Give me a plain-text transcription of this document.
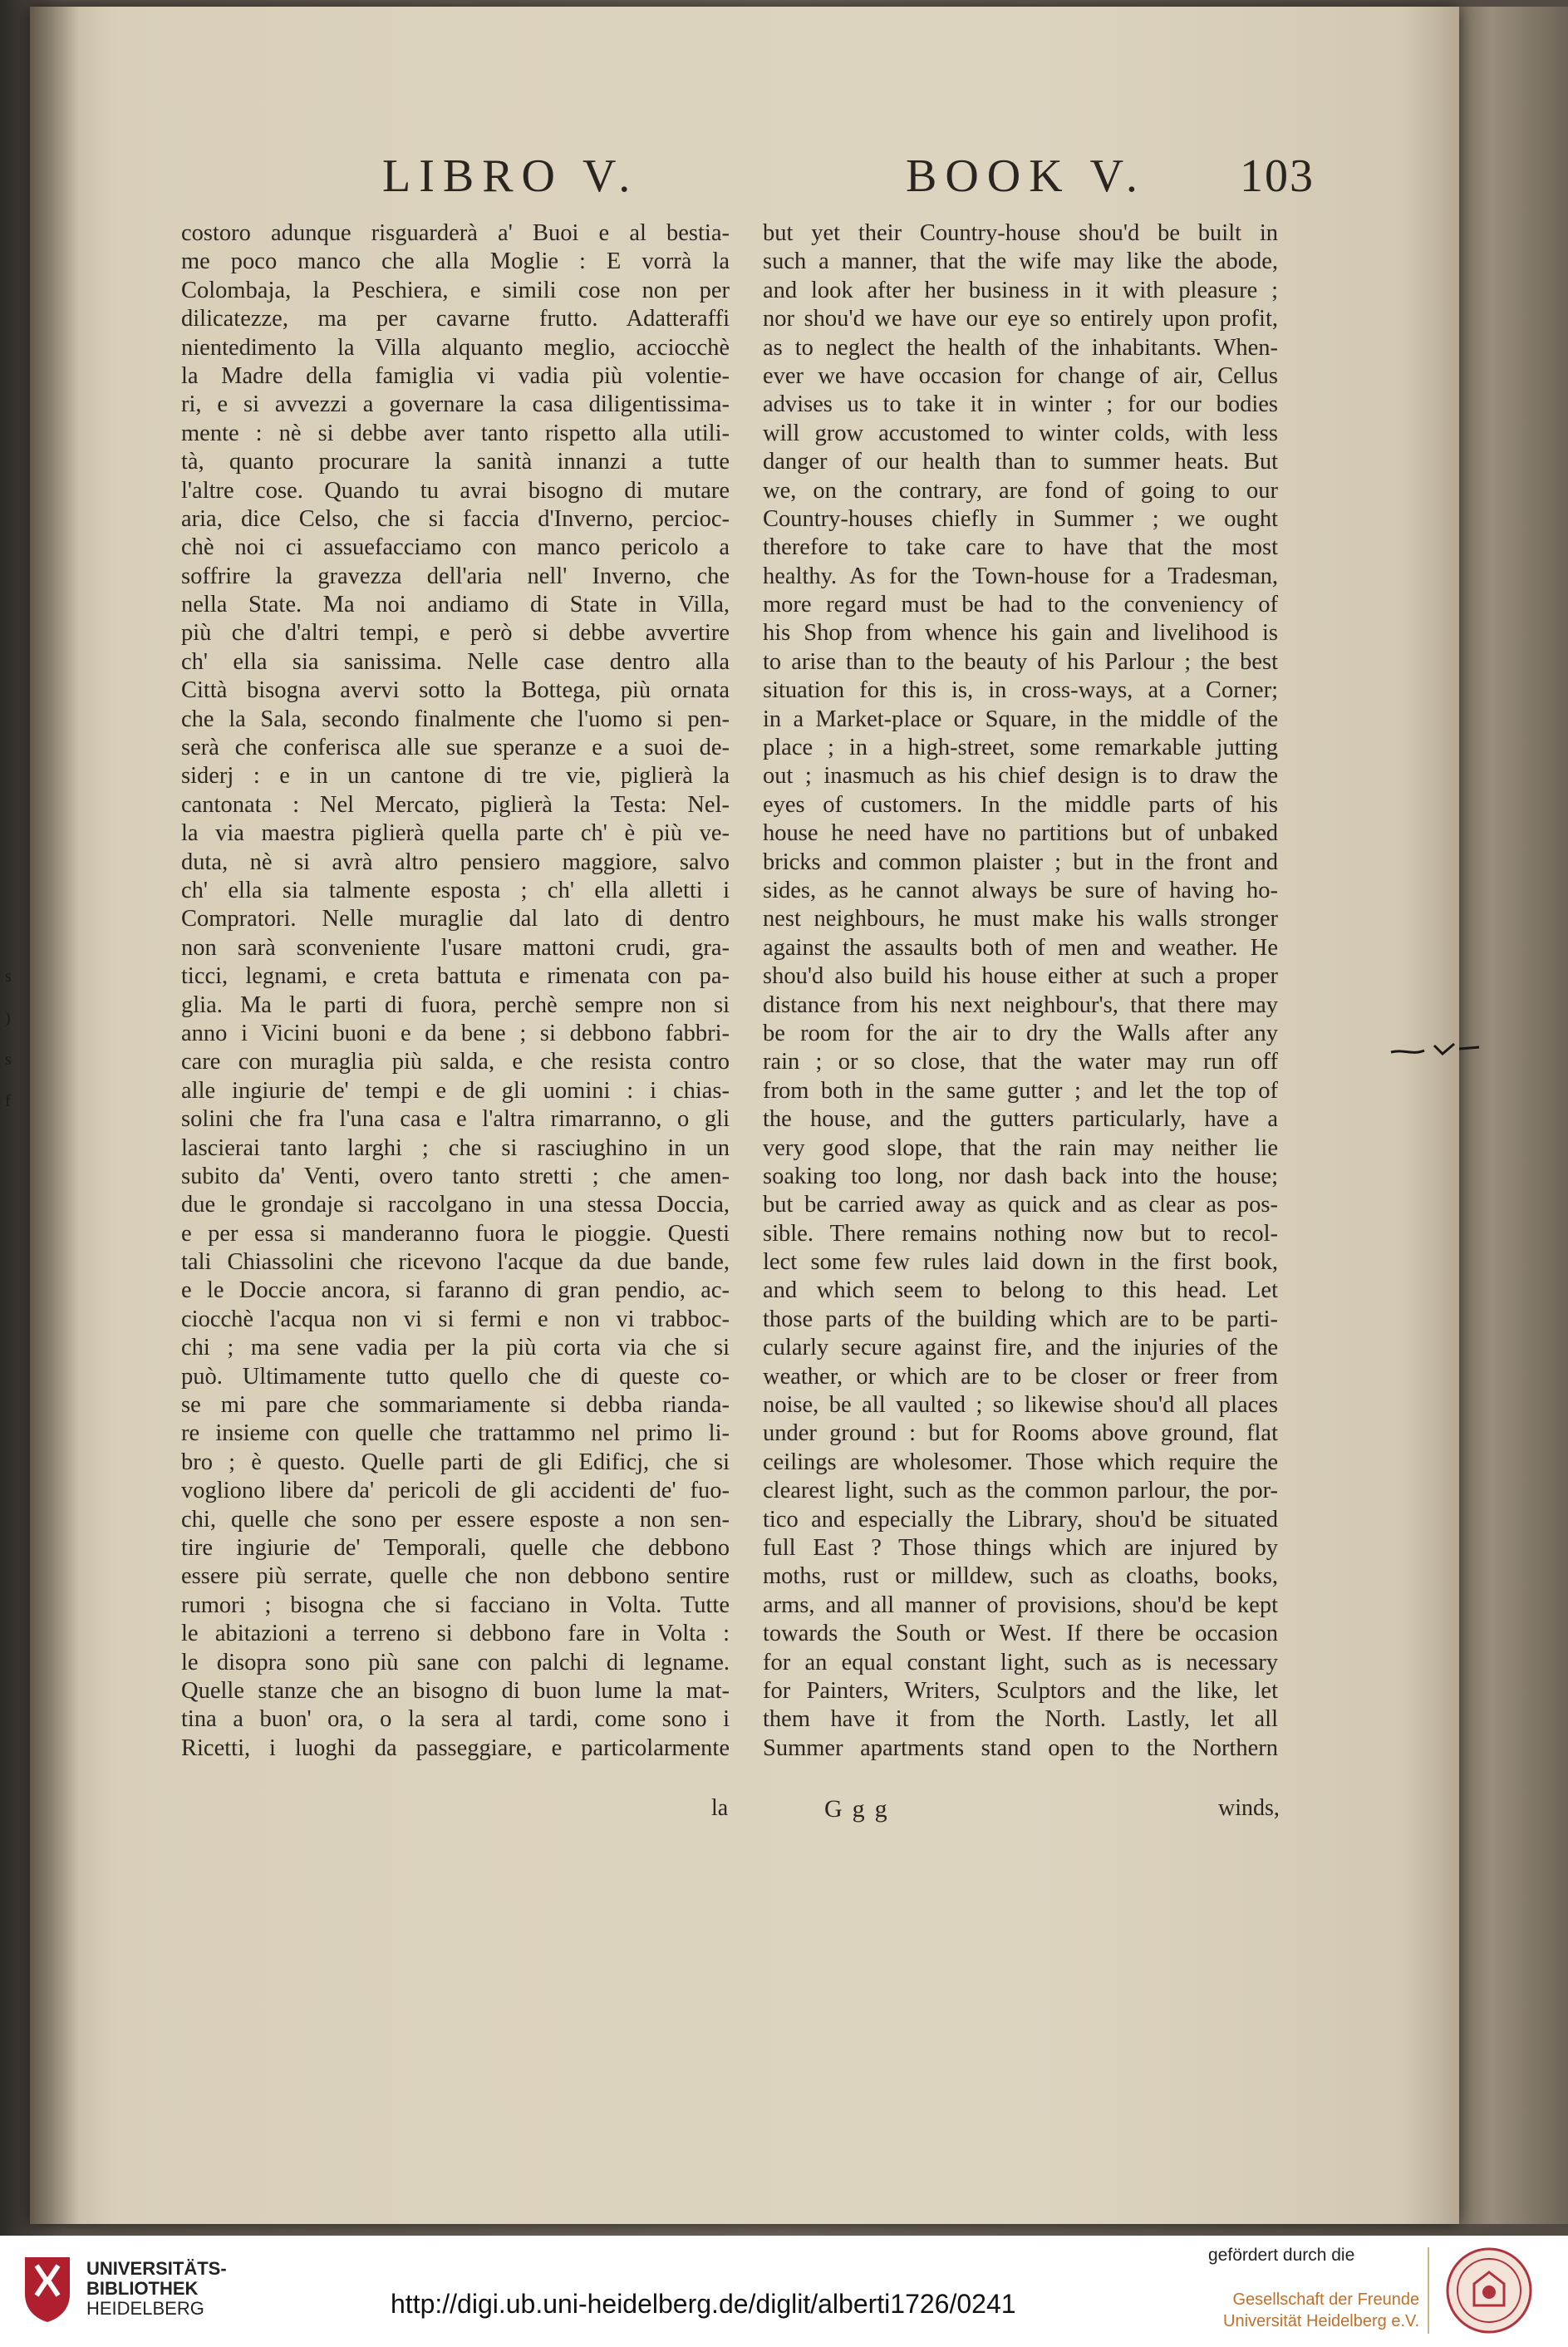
s
)
s
f
LIBRO V.	BOOK V. 103
costoro adunque risguarderà a' Buoi e al bestia-
me poco manco che alla Moglie : E vorrà la
Colombaja, la Peschiera, e simili cose non per
dilicatezze, ma per cavarne frutto. Adatteraffi
nientedimento la Villa alquanto meglio, acciocchè
la Madre della famiglia vi vadia più volentie-
ri, e si avvezzi a governare la casa diligentissima-
mente : nè si debbe aver tanto rispetto alla utili-
tà, quanto procurare la sanità innanzi a tutte
l'altre cose. Quando tu avrai bisogno di mutare
aria, dice Celso, che si faccia d'Inverno, percioc-
chè noi ci assuefacciamo con manco pericolo a
soffrire la gravezza dell'aria nell' Inverno, che
nella State. Ma noi andiamo di State in Villa,
più che d'altri tempi, e però si debbe avvertire
ch' ella sia sanissima. Nelle case dentro alla
Città bisogna avervi sotto la Bottega, più ornata
che la Sala, secondo finalmente che l'uomo si pen-
serà che conferisca alle sue speranze e a suoi de-
siderj : e in un cantone di tre vie, piglierà la
cantonata : Nel Mercato, piglierà la Testa: Nel-
la via maestra piglierà quella parte ch' è più ve-
duta, nè si avrà altro pensiero maggiore, salvo
ch' ella sia talmente esposta ; ch' ella alletti i
Compratori. Nelle muraglie dal lato di dentro
non sarà sconveniente l'usare mattoni crudi, gra-
ticci, legnami, e creta battuta e rimenata con pa-
glia. Ma le parti di fuora, perchè sempre non si
anno i Vicini buoni e da bene ; si debbono fabbri-
care con muraglia più salda, e che resista contro
alle ingiurie de' tempi e de gli uomini : i chias-
solini che fra l'una casa e l'altra rimarranno, o gli
lascierai tanto larghi ; che si rasciughino in un
subito da' Venti, overo tanto stretti ; che amen-
due le grondaje si raccolgano in una stessa Doccia,
e per essa si manderanno fuora le pioggie. Questi
tali Chiassolini che ricevono l'acque da due bande,
e le Doccie ancora, si faranno di gran pendio, ac-
ciocchè l'acqua non vi si fermi e non vi trabboc-
chi ; ma sene vadia per la più corta via che si
può. Ultimamente tutto quello che di queste co-
se mi pare che sommariamente si debba rianda-
re insieme con quelle che trattammo nel primo li-
bro ; è questo. Quelle parti de gli Edificj, che si
vogliono libere da' pericoli de gli accidenti de' fuo-
chi, quelle che sono per essere esposte a non sen-
tire ingiurie de' Temporali, quelle che debbono
essere più serrate, quelle che non debbono sentire
rumori ; bisogna che si facciano in Volta. Tutte
le abitazioni a terreno si debbono fare in Volta :
le disopra sono più sane con palchi di legname.
Quelle stanze che an bisogno di buon lume la mat-
tina a buon' ora, o la sera al tardi, come sono i
Ricetti, i luoghi da passeggiare, e particolarmente
but yet their Country-house shou'd be built in
such a manner, that the wife may like the abode,
and look after her business in it with pleasure ;
nor shou'd we have our eye so entirely upon profit,
as to neglect the health of the inhabitants. When-
ever we have occasion for change of air, Cellus
advises us to take it in winter ; for our bodies
will grow accustomed to winter colds, with less
danger of our health than to summer heats. But
we, on the contrary, are fond of going to our
Country-houses chiefly in Summer ; we ought
therefore to take care to have that the most
healthy. As for the Town-house for a Tradesman,
more regard must be had to the conveniency of
his Shop from whence his gain and livelihood is
to arise than to the beauty of his Parlour ; the best
situation for this is, in cross-ways, at a Corner;
in a Market-place or Square, in the middle of the
place ; in a high-street, some remarkable jutting
out ; inasmuch as his chief design is to draw the
eyes of customers. In the middle parts of his
house he need have no partitions but of unbaked
bricks and common plaister ; but in the front and
sides, as he cannot always be sure of having ho-
nest neighbours, he must make his walls stronger
against the assaults both of men and weather. He
shou'd also build his house either at such a proper
distance from his next neighbour's, that there may
be room for the air to dry the Walls after any
rain ; or so close, that the water may run off
from both in the same gutter ; and let the top of
the house, and the gutters particularly, have a
very good slope, that the rain may neither lie
soaking too long, nor dash back into the house;
but be carried away as quick and as clear as pos-
sible. There remains nothing now but to recol-
lect some few rules laid down in the first book,
and which seem to belong to this head. Let
those parts of the building which are to be parti-
cularly secure against fire, and the injuries of the
weather, or which are to be closer or freer from
noise, be all vaulted ; so likewise shou'd all places
under ground : but for Rooms above ground, flat
ceilings are wholesomer. Those which require the
clearest light, such as the common parlour, the por-
tico and especially the Library, shou'd be situated
full East ? Those things which are injured by
moths, rust or milldew, such as cloaths, books,
arms, and all manner of provisions, shou'd be kept
towards the South or West. If there be occasion
for an equal constant light, such as is necessary
for Painters, Writers, Sculptors and the like, let
them have it from the North. Lastly, let all
Summer apartments stand open to the Northern
la	Ggg	winds,
UNIVERSITÄTS-
BIBLIOTHEK
HEIDELBERG	http://digi.ub.uni-heidelberg.de/diglit/alberti1726/0241
gefördert durch die
Gesellschaft der Freunde
Universität Heidelberg e.V.
